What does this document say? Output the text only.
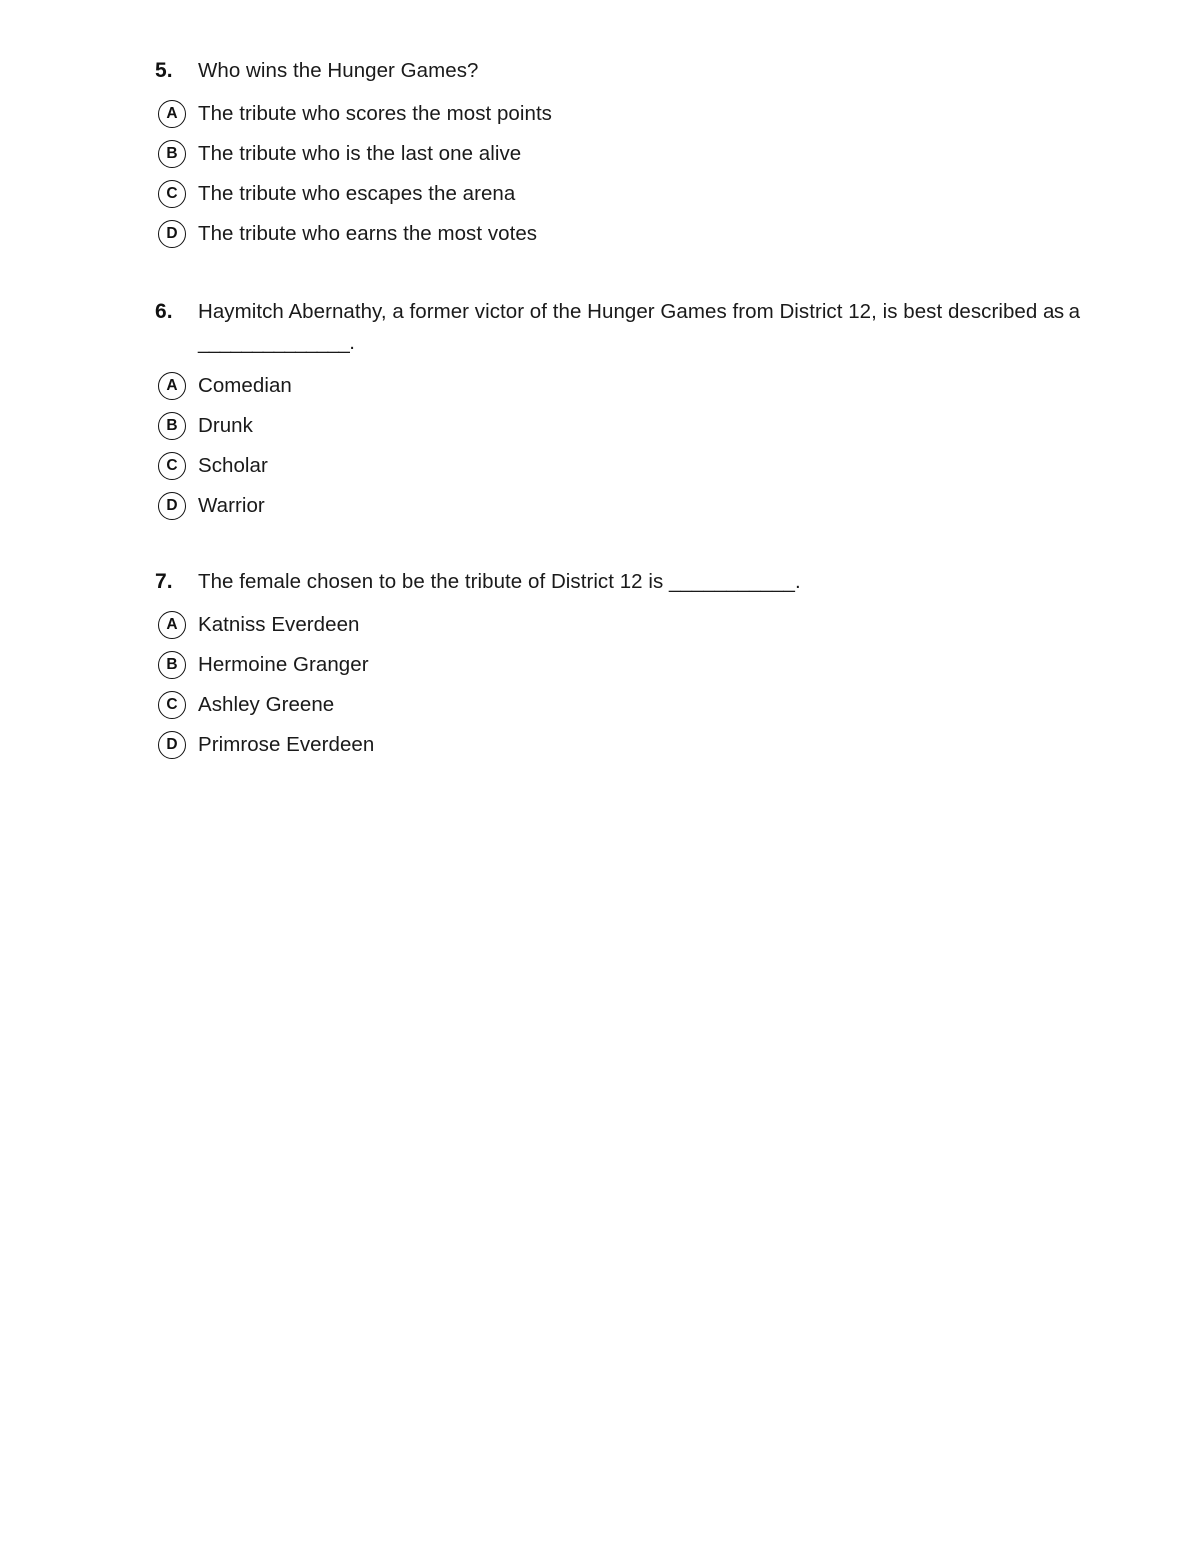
5.	Who wins the Hunger Games?
A The tribute who scores the most points
B The tribute who is the last one alive
C The tribute who escapes the arena
D The tribute who earns the most votes
6.	Haymitch Abernathy, a former victor of the Hunger Games from District 12, is best described as a ______________.
A Comedian
B Drunk
C Scholar
D Warrior
7.	The female chosen to be the tribute of District 12 is ___________.
A Katniss Everdeen
B Hermoine Granger
C Ashley Greene
D Primrose Everdeen
